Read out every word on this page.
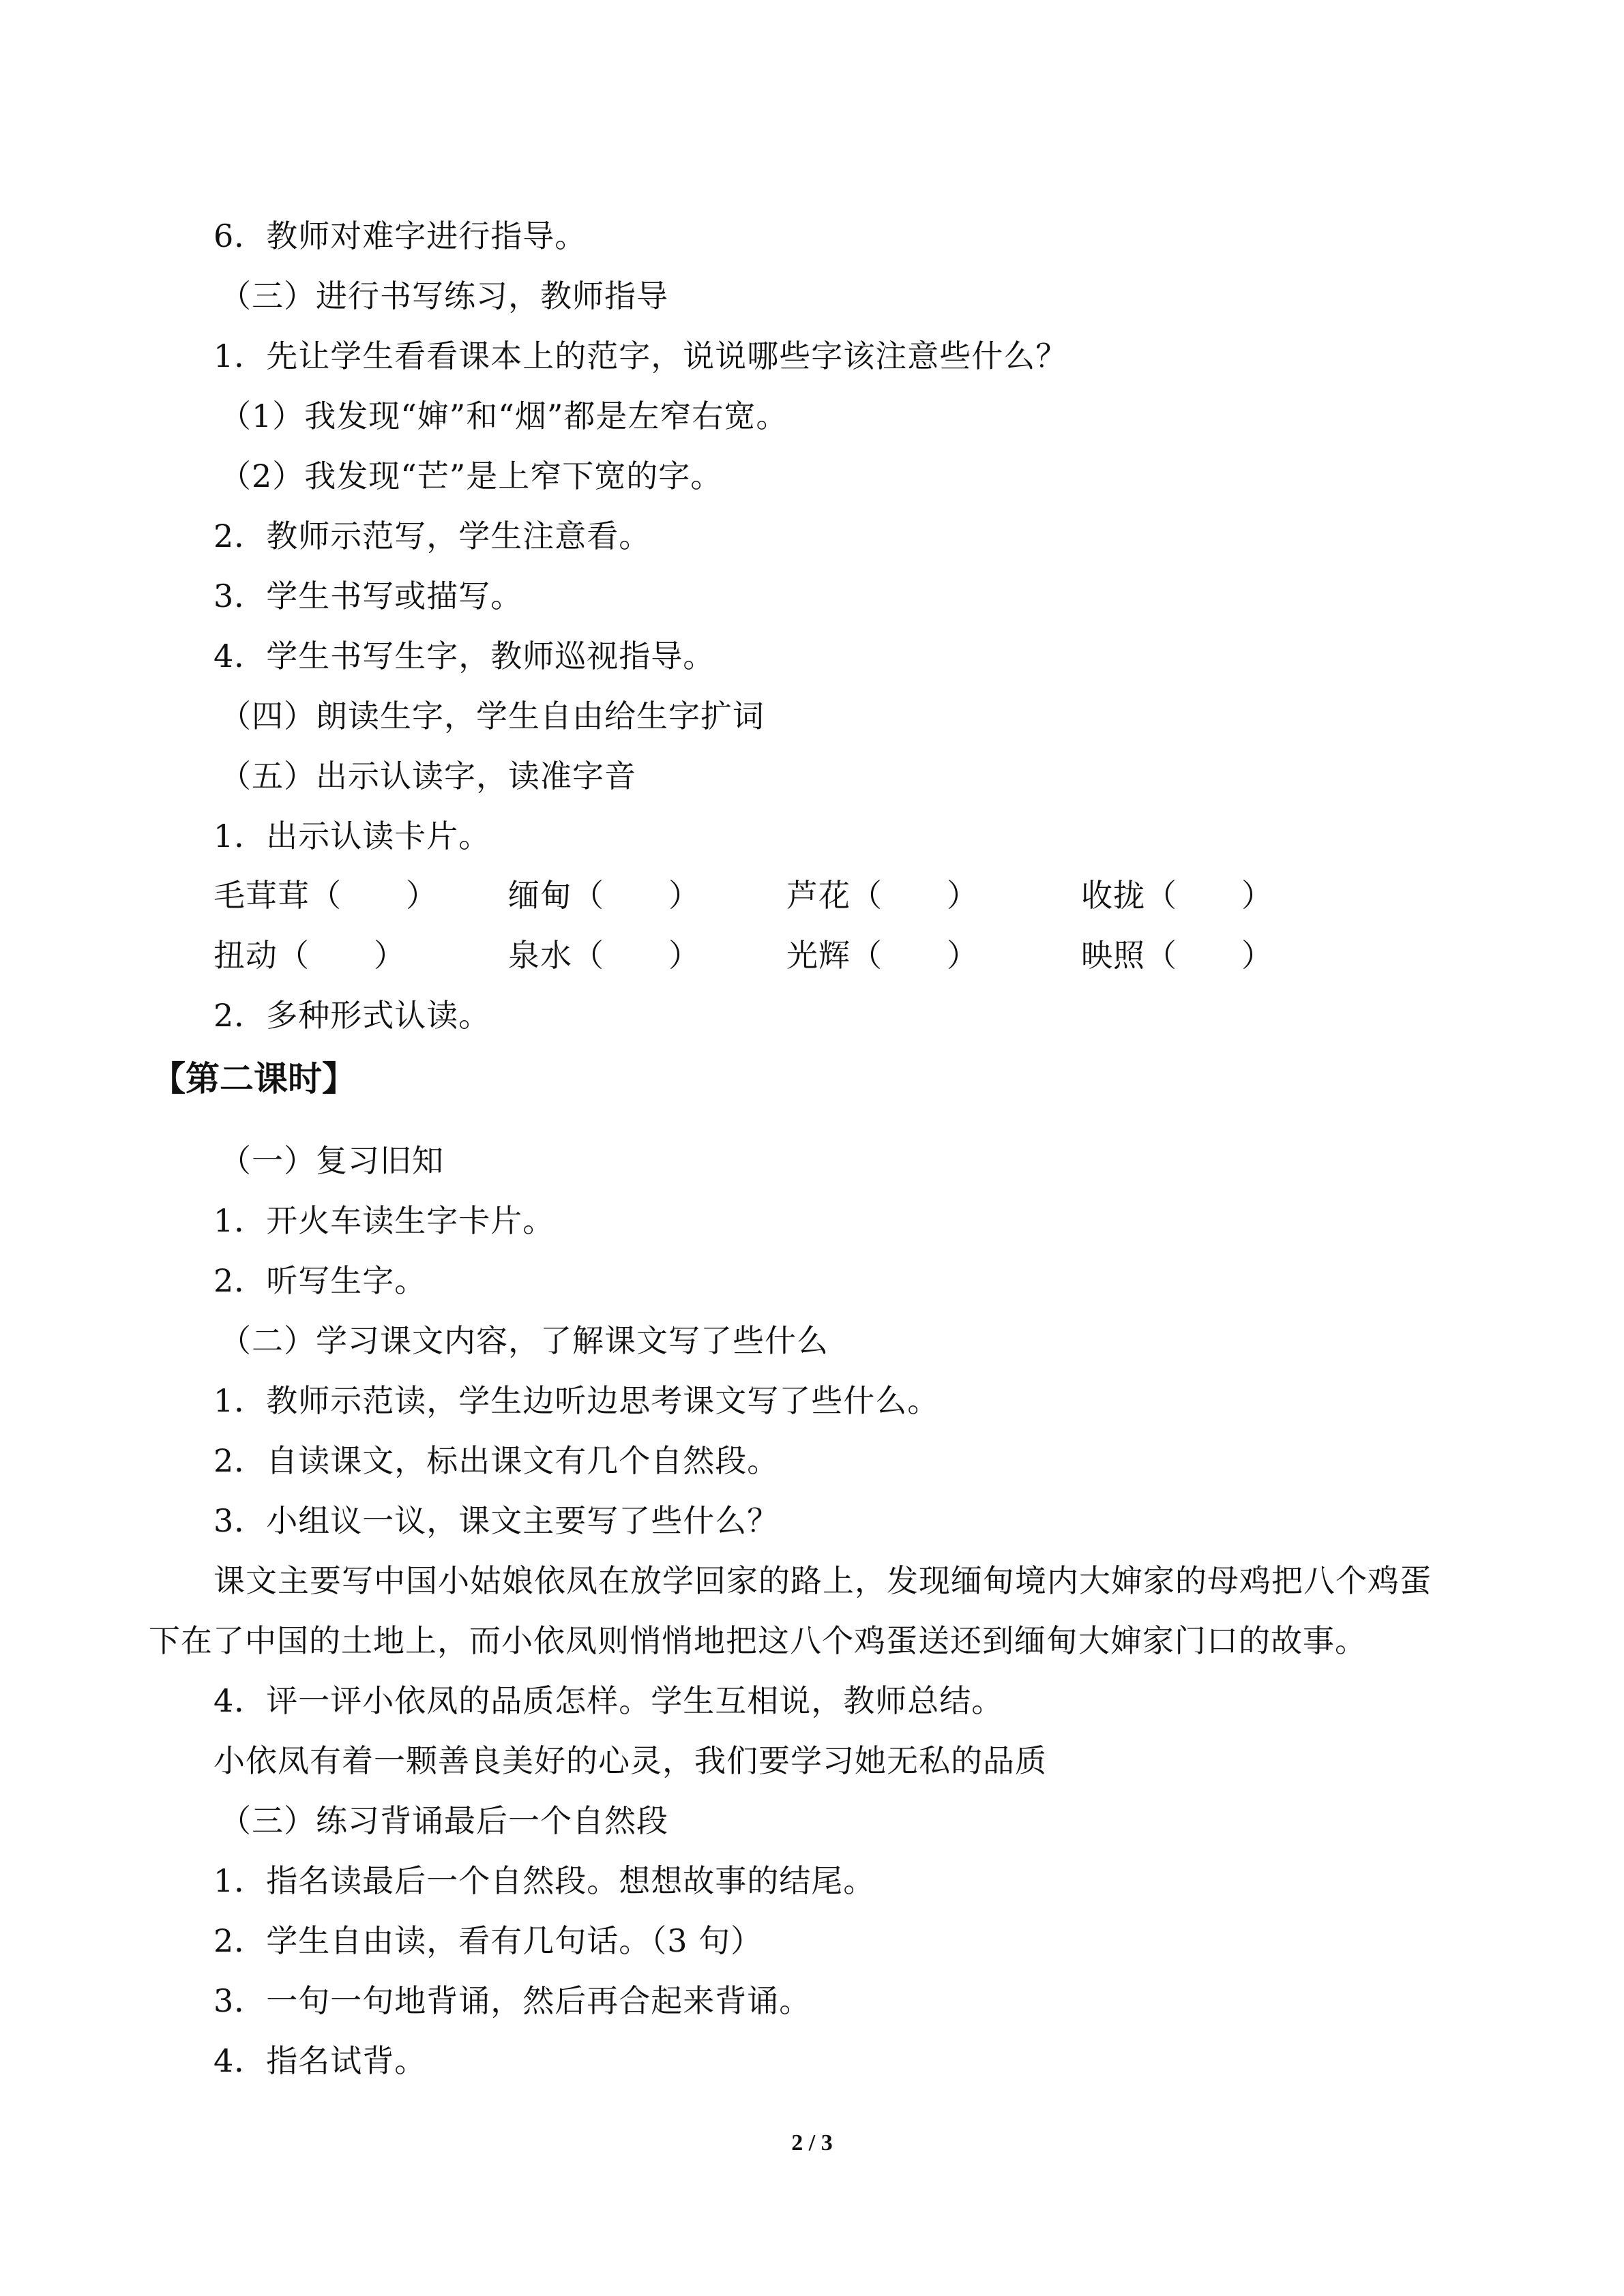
6．教师对难字进行指导。
（三）进行书写练习，教师指导
1．先让学生看看课本上的范字，说说哪些字该注意些什么？
（1）我发现“婶”和“烟”都是左窄右宽。
（2）我发现“芒”是上窄下宽的字。
2．教师示范写，学生注意看。
3．学生书写或描写。
4．学生书写生字，教师巡视指导。
（四）朗读生字，学生自由给生字扩词
（五）出示认读字，读准字音
1．出示认读卡片。
毛茸茸（　　） 缅甸（　　）	芦花（　　）	收拢（　　）
扭动（　　）	泉水（　　）	光辉（　　）	映照（　　）
2．多种形式认读。
【第二课时】
（一）复习旧知
1．开火车读生字卡片。
2．听写生字。
（二）学习课文内容，了解课文写了些什么
1．教师示范读，学生边听边思考课文写了些什么。
2．自读课文，标出课文有几个自然段。
3．小组议一议，课文主要写了些什么？
课文主要写中国小姑娘依凤在放学回家的路上，发现缅甸境内大婶家的母鸡把八个鸡蛋
下在了中国的土地上，而小依凤则悄悄地把这八个鸡蛋送还到缅甸大婶家门口的故事。
4．评一评小依凤的品质怎样。学生互相说，教师总结。
小依凤有着一颗善良美好的心灵，我们要学习她无私的品质
（三）练习背诵最后一个自然段
1．指名读最后一个自然段。想想故事的结尾。
2．学生自由读，看有几句话。（3 句）
3．一句一句地背诵，然后再合起来背诵。
4．指名试背。
2 / 3
